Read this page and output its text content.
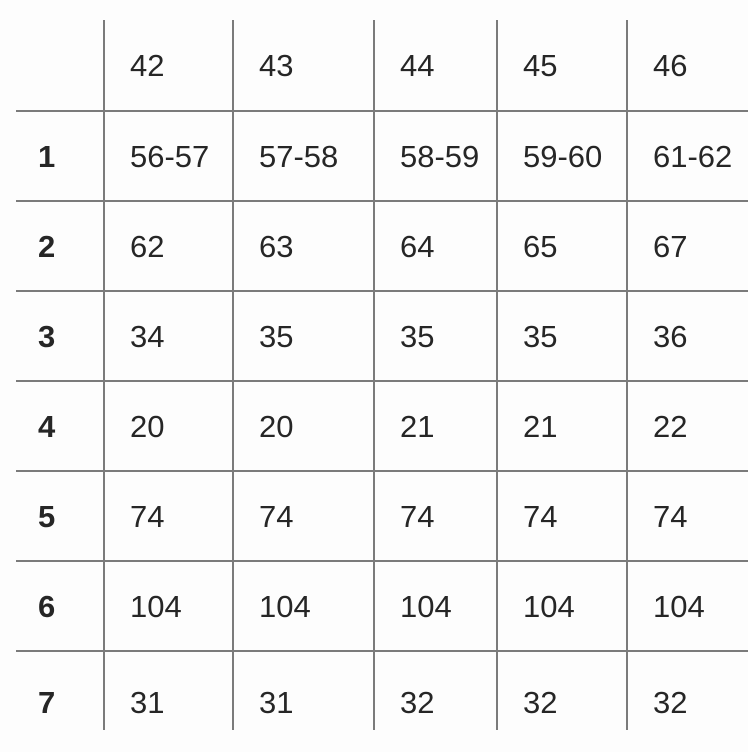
	42	43	44	45	46
1	56-57	57-58	58-59	59-60	61-62
2	62	63	64	65	67
3	34	35	35	35	36
4	20	20	21	21	22
5	74	74	74	74	74
6	104	104	104	104	104
7	31	31	32	32	32
